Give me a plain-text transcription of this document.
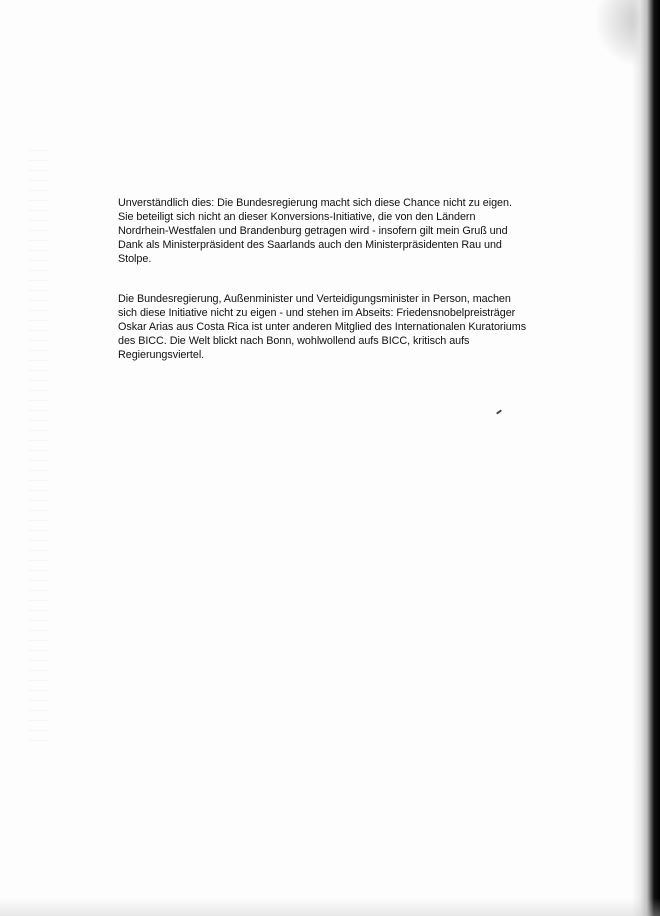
Unverständlich dies: Die Bundesregierung macht sich diese Chance nicht zu eigen.
Sie beteiligt sich nicht an dieser Konversions-Initiative, die von den Ländern
Nordrhein-Westfalen und Brandenburg getragen wird - insofern gilt mein Gruß und
Dank als Ministerpräsident des Saarlands auch den Ministerpräsidenten Rau und
Stolpe.

Die Bundesregierung, Außenminister und Verteidigungsminister in Person, machen
sich diese Initiative nicht zu eigen - und stehen im Abseits: Friedensnobelpreisträger
Oskar Arias aus Costa Rica ist unter anderen Mitglied des Internationalen Kuratoriums
des BICC. Die Welt blickt nach Bonn, wohlwollend aufs BICC, kritisch aufs
Regierungsviertel.
